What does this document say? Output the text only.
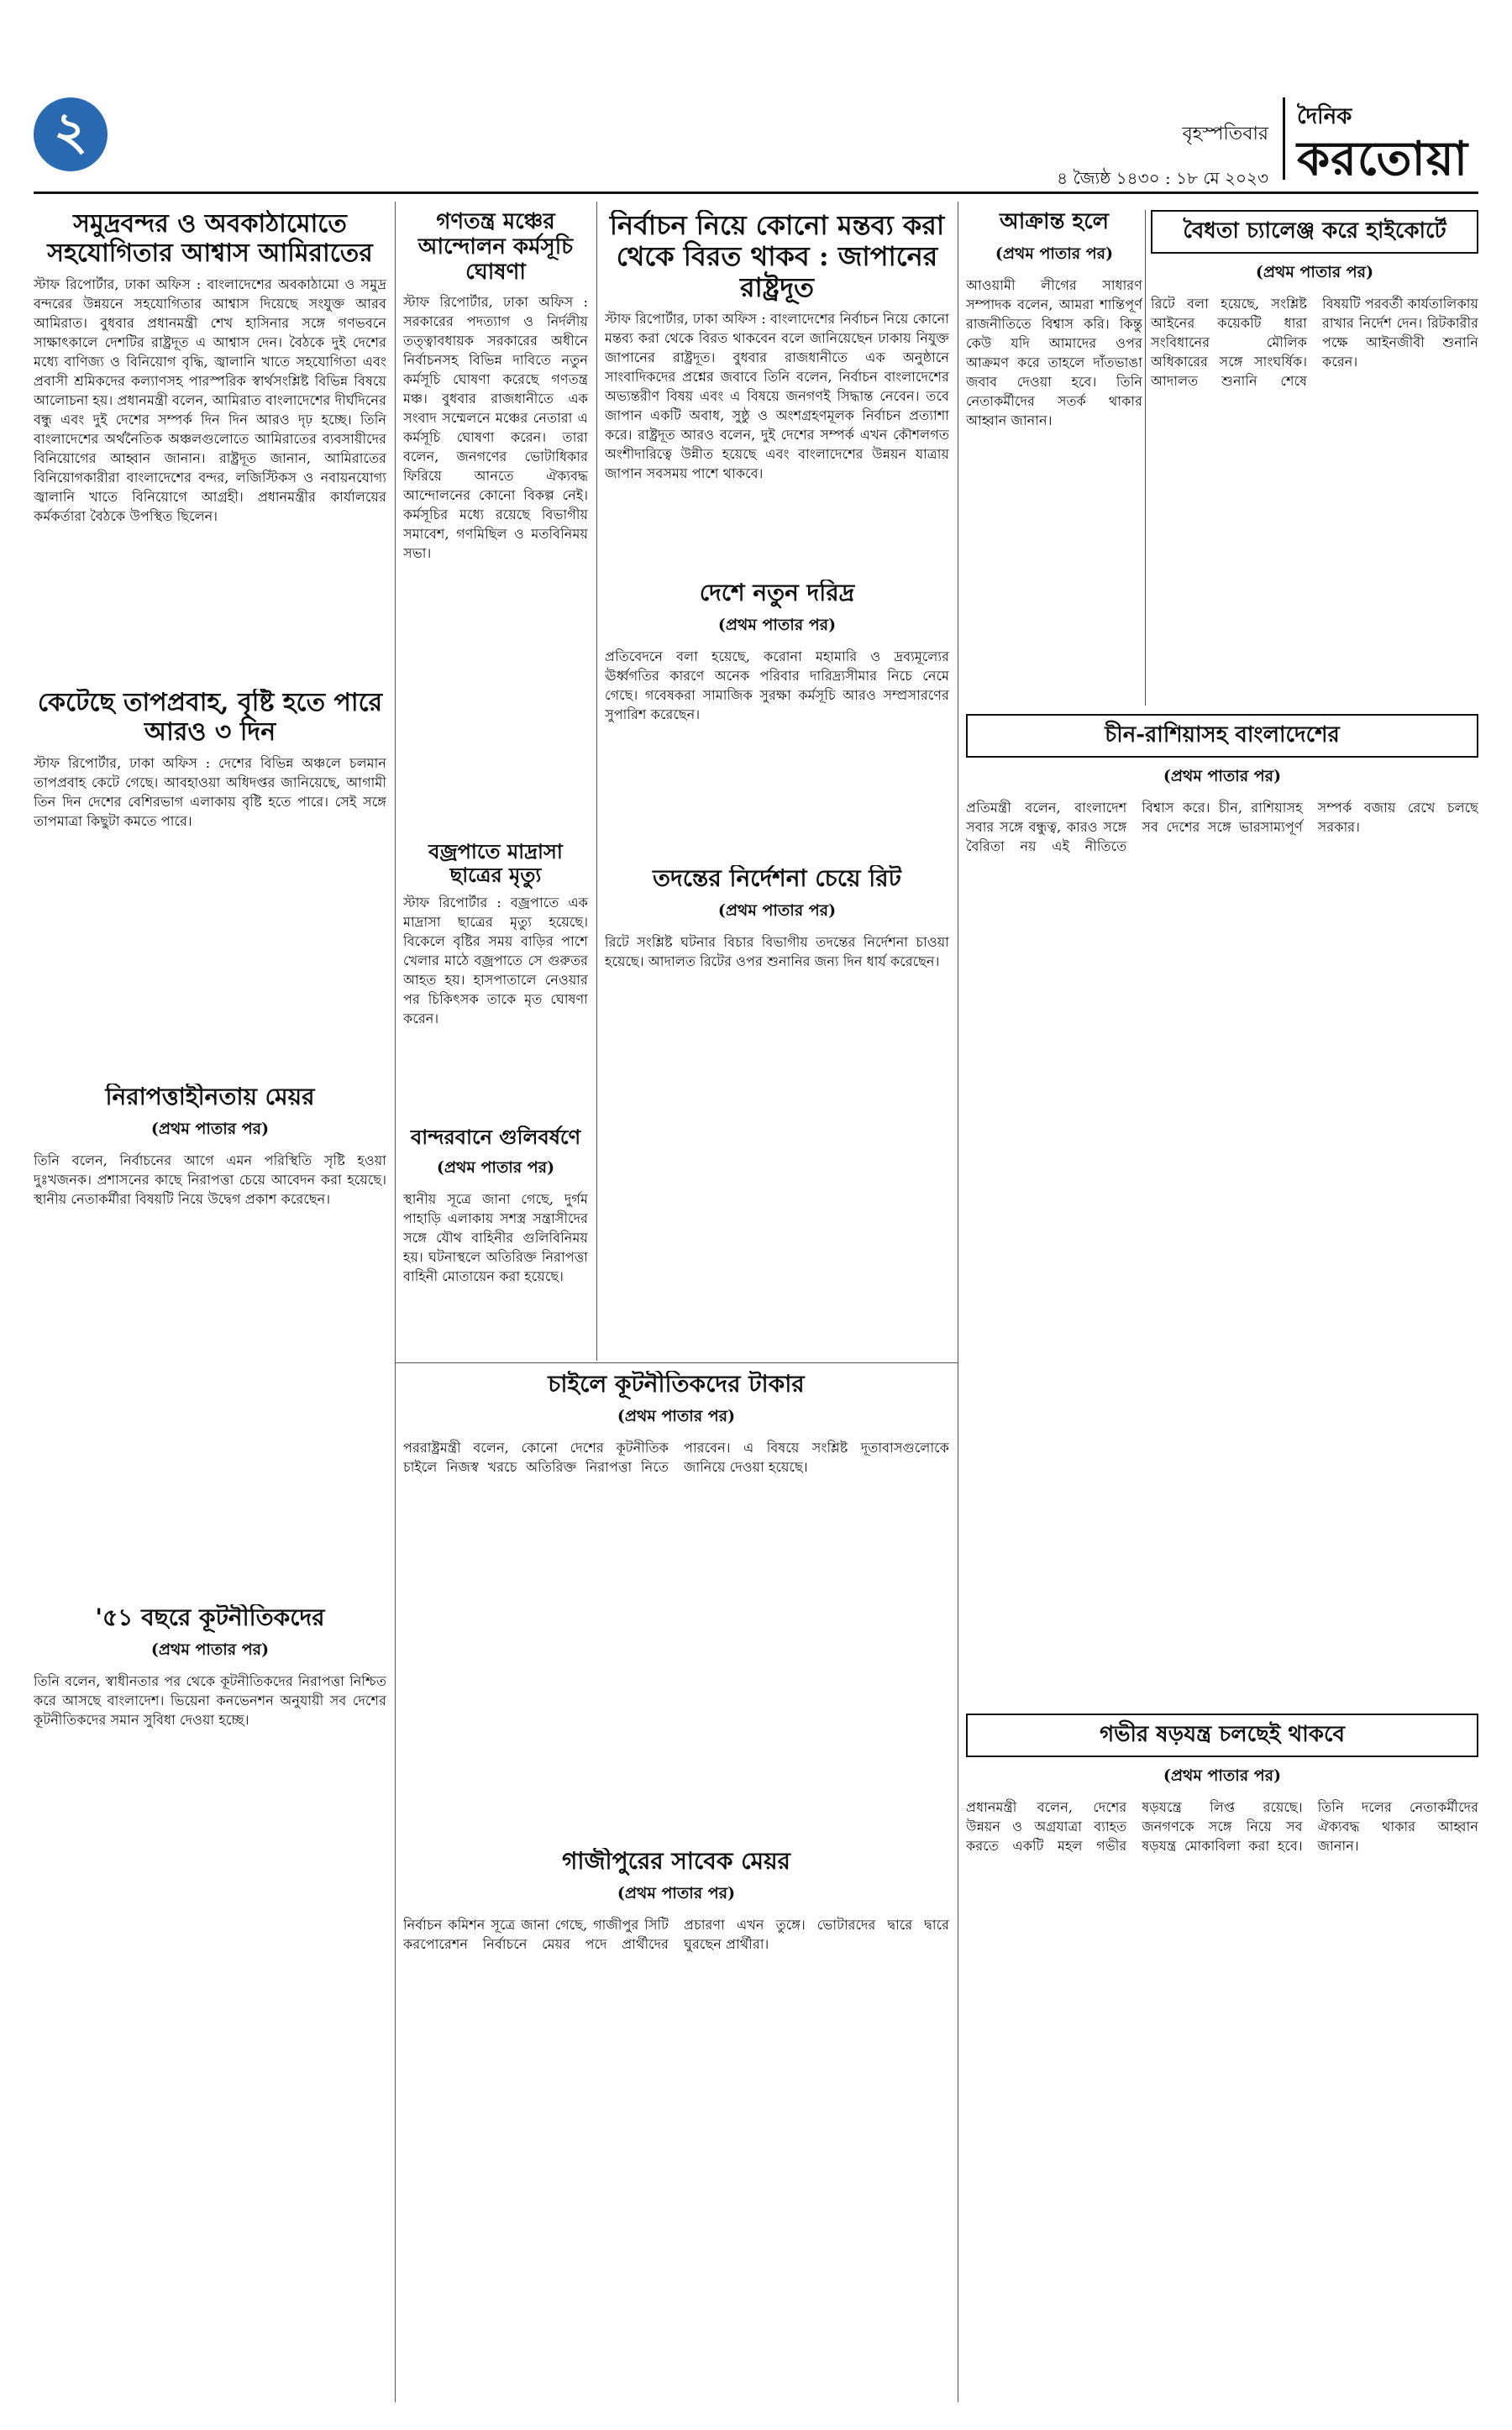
২	বৃহস্পতিবার
৪ জ্যৈষ্ঠ ১৪৩০ : ১৮ মে ২০২৩
দৈনিক
করতোয়া
সমুদ্রবন্দর ও অবকাঠামোতে সহযোগিতার আশ্বাস আমিরাতের

স্টাফ রিপোর্টার, ঢাকা অফিস : বাংলাদেশের অবকাঠামো ও সমুদ্র বন্দরের উন্নয়নে সহযোগিতার আশ্বাস দিয়েছে সংযুক্ত আরব আমিরাত। বুধবার প্রধানমন্ত্রী শেখ হাসিনার সঙ্গে গণভবনে সাক্ষাৎকালে দেশটির রাষ্ট্রদূত এ আশ্বাস দেন। বৈঠকে দুই দেশের মধ্যে বাণিজ্য ও বিনিয়োগ বৃদ্ধি, জ্বালানি খাতে সহযোগিতা এবং প্রবাসী শ্রমিকদের কল্যাণসহ পারস্পরিক স্বার্থসংশ্লিষ্ট বিভিন্ন বিষয়ে আলোচনা হয়। প্রধানমন্ত্রী বলেন, আমিরাত বাংলাদেশের দীর্ঘদিনের বন্ধু এবং দুই দেশের সম্পর্ক দিন দিন আরও দৃঢ় হচ্ছে। তিনি বাংলাদেশের অর্থনৈতিক অঞ্চলগুলোতে আমিরাতের ব্যবসায়ীদের বিনিয়োগের আহ্বান জানান। রাষ্ট্রদূত জানান, আমিরাতের বিনিয়োগকারীরা বাংলাদেশের বন্দর, লজিস্টিকস ও নবায়নযোগ্য জ্বালানি খাতে বিনিয়োগে আগ্রহী। প্রধানমন্ত্রীর কার্যালয়ের কর্মকর্তারা বৈঠকে উপস্থিত ছিলেন।

কেটেছে তাপপ্রবাহ, বৃষ্টি হতে পারে আরও ৩ দিন

স্টাফ রিপোর্টার, ঢাকা অফিস : দেশের বিভিন্ন অঞ্চলে চলমান তাপপ্রবাহ কেটে গেছে। আবহাওয়া অধিদপ্তর জানিয়েছে, আগামী তিন দিন দেশের বেশিরভাগ এলাকায় বৃষ্টি হতে পারে। সেই সঙ্গে তাপমাত্রা কিছুটা কমতে পারে।

নিরাপত্তাহীনতায় মেয়র
(প্রথম পাতার পর)

তিনি বলেন, নির্বাচনের আগে এমন পরিস্থিতি সৃষ্টি হওয়া দুঃখজনক। প্রশাসনের কাছে নিরাপত্তা চেয়ে আবেদন করা হয়েছে। স্থানীয় নেতাকর্মীরা বিষয়টি নিয়ে উদ্বেগ প্রকাশ করেছেন।

'৫১ বছরে কূটনীতিকদের
(প্রথম পাতার পর)

তিনি বলেন, স্বাধীনতার পর থেকে কূটনীতিকদের নিরাপত্তা নিশ্চিত করে আসছে বাংলাদেশ। ভিয়েনা কনভেনশন অনুযায়ী সব দেশের কূটনীতিকদের সমান সুবিধা দেওয়া হচ্ছে।

গণতন্ত্র মঞ্চের আন্দোলন কর্মসূচি ঘোষণা

স্টাফ রিপোর্টার, ঢাকা অফিস : সরকারের পদত্যাগ ও নির্দলীয় তত্ত্বাবধায়ক সরকারের অধীনে নির্বাচনসহ বিভিন্ন দাবিতে নতুন কর্মসূচি ঘোষণা করেছে গণতন্ত্র মঞ্চ। বুধবার রাজধানীতে এক সংবাদ সম্মেলনে মঞ্চের নেতারা এ কর্মসূচি ঘোষণা করেন। তারা বলেন, জনগণের ভোটাধিকার ফিরিয়ে আনতে ঐক্যবদ্ধ আন্দোলনের কোনো বিকল্প নেই। কর্মসূচির মধ্যে রয়েছে বিভাগীয় সমাবেশ, গণমিছিল ও মতবিনিময় সভা।

বজ্রপাতে মাদ্রাসা ছাত্রের মৃত্যু

স্টাফ রিপোর্টার : বজ্রপাতে এক মাদ্রাসা ছাত্রের মৃত্যু হয়েছে। বিকেলে বৃষ্টির সময় বাড়ির পাশে খেলার মাঠে বজ্রপাতে সে গুরুতর আহত হয়। হাসপাতালে নেওয়ার পর চিকিৎসক তাকে মৃত ঘোষণা করেন।

বান্দরবানে গুলিবর্ষণে
(প্রথম পাতার পর)

স্থানীয় সূত্রে জানা গেছে, দুর্গম পাহাড়ি এলাকায় সশস্ত্র সন্ত্রাসীদের সঙ্গে যৌথ বাহিনীর গুলিবিনিময় হয়। ঘটনাস্থলে অতিরিক্ত নিরাপত্তা বাহিনী মোতায়েন করা হয়েছে।

নির্বাচন নিয়ে কোনো মন্তব্য করা থেকে বিরত থাকব : জাপানের রাষ্ট্রদূত

স্টাফ রিপোর্টার, ঢাকা অফিস : বাংলাদেশের নির্বাচন নিয়ে কোনো মন্তব্য করা থেকে বিরত থাকবেন বলে জানিয়েছেন ঢাকায় নিযুক্ত জাপানের রাষ্ট্রদূত। বুধবার রাজধানীতে এক অনুষ্ঠানে সাংবাদিকদের প্রশ্নের জবাবে তিনি বলেন, নির্বাচন বাংলাদেশের অভ্যন্তরীণ বিষয় এবং এ বিষয়ে জনগণই সিদ্ধান্ত নেবেন। তবে জাপান একটি অবাধ, সুষ্ঠু ও অংশগ্রহণমূলক নির্বাচন প্রত্যাশা করে। রাষ্ট্রদূত আরও বলেন, দুই দেশের সম্পর্ক এখন কৌশলগত অংশীদারিত্বে উন্নীত হয়েছে এবং বাংলাদেশের উন্নয়ন যাত্রায় জাপান সবসময় পাশে থাকবে।

দেশে নতুন দরিদ্র
(প্রথম পাতার পর)

প্রতিবেদনে বলা হয়েছে, করোনা মহামারি ও দ্রব্যমূল্যের ঊর্ধ্বগতির কারণে অনেক পরিবার দারিদ্র্যসীমার নিচে নেমে গেছে। গবেষকরা সামাজিক সুরক্ষা কর্মসূচি আরও সম্প্রসারণের সুপারিশ করেছেন।

তদন্তের নির্দেশনা চেয়ে রিট
(প্রথম পাতার পর)

রিটে সংশ্লিষ্ট ঘটনার বিচার বিভাগীয় তদন্তের নির্দেশনা চাওয়া হয়েছে। আদালত রিটের ওপর শুনানির জন্য দিন ধার্য করেছেন।

চাইলে কূটনীতিকদের টাকার
(প্রথম পাতার পর)

পররাষ্ট্রমন্ত্রী বলেন, কোনো দেশের কূটনীতিক চাইলে নিজস্ব খরচে অতিরিক্ত নিরাপত্তা নিতে পারবেন। এ বিষয়ে সংশ্লিষ্ট দূতাবাসগুলোকে জানিয়ে দেওয়া হয়েছে।

গাজীপুরের সাবেক মেয়র
(প্রথম পাতার পর)

নির্বাচন কমিশন সূত্রে জানা গেছে, গাজীপুর সিটি করপোরেশন নির্বাচনে মেয়র পদে প্রার্থীদের প্রচারণা এখন তুঙ্গে। ভোটারদের দ্বারে দ্বারে ঘুরছেন প্রার্থীরা।

আক্রান্ত হলে
(প্রথম পাতার পর)

আওয়ামী লীগের সাধারণ সম্পাদক বলেন, আমরা শান্তিপূর্ণ রাজনীতিতে বিশ্বাস করি। কিন্তু কেউ যদি আমাদের ওপর আক্রমণ করে তাহলে দাঁতভাঙা জবাব দেওয়া হবে। তিনি নেতাকর্মীদের সতর্ক থাকার আহ্বান জানান।

বৈধতা চ্যালেঞ্জ করে হাইকোর্টে
(প্রথম পাতার পর)

রিটে বলা হয়েছে, সংশ্লিষ্ট আইনের কয়েকটি ধারা সংবিধানের মৌলিক অধিকারের সঙ্গে সাংঘর্ষিক। আদালত শুনানি শেষে বিষয়টি পরবর্তী কার্যতালিকায় রাখার নির্দেশ দেন। রিটকারীর পক্ষে আইনজীবী শুনানি করেন।

চীন-রাশিয়াসহ বাংলাদেশের
(প্রথম পাতার পর)

প্রতিমন্ত্রী বলেন, বাংলাদেশ সবার সঙ্গে বন্ধুত্ব, কারও সঙ্গে বৈরিতা নয় এই নীতিতে বিশ্বাস করে। চীন, রাশিয়াসহ সব দেশের সঙ্গে ভারসাম্যপূর্ণ সম্পর্ক বজায় রেখে চলছে সরকার।

গভীর ষড়যন্ত্র চলছেই থাকবে
(প্রথম পাতার পর)

প্রধানমন্ত্রী বলেন, দেশের উন্নয়ন ও অগ্রযাত্রা ব্যাহত করতে একটি মহল গভীর ষড়যন্ত্রে লিপ্ত রয়েছে। জনগণকে সঙ্গে নিয়ে সব ষড়যন্ত্র মোকাবিলা করা হবে। তিনি দলের নেতাকর্মীদের ঐক্যবদ্ধ থাকার আহ্বান জানান।
